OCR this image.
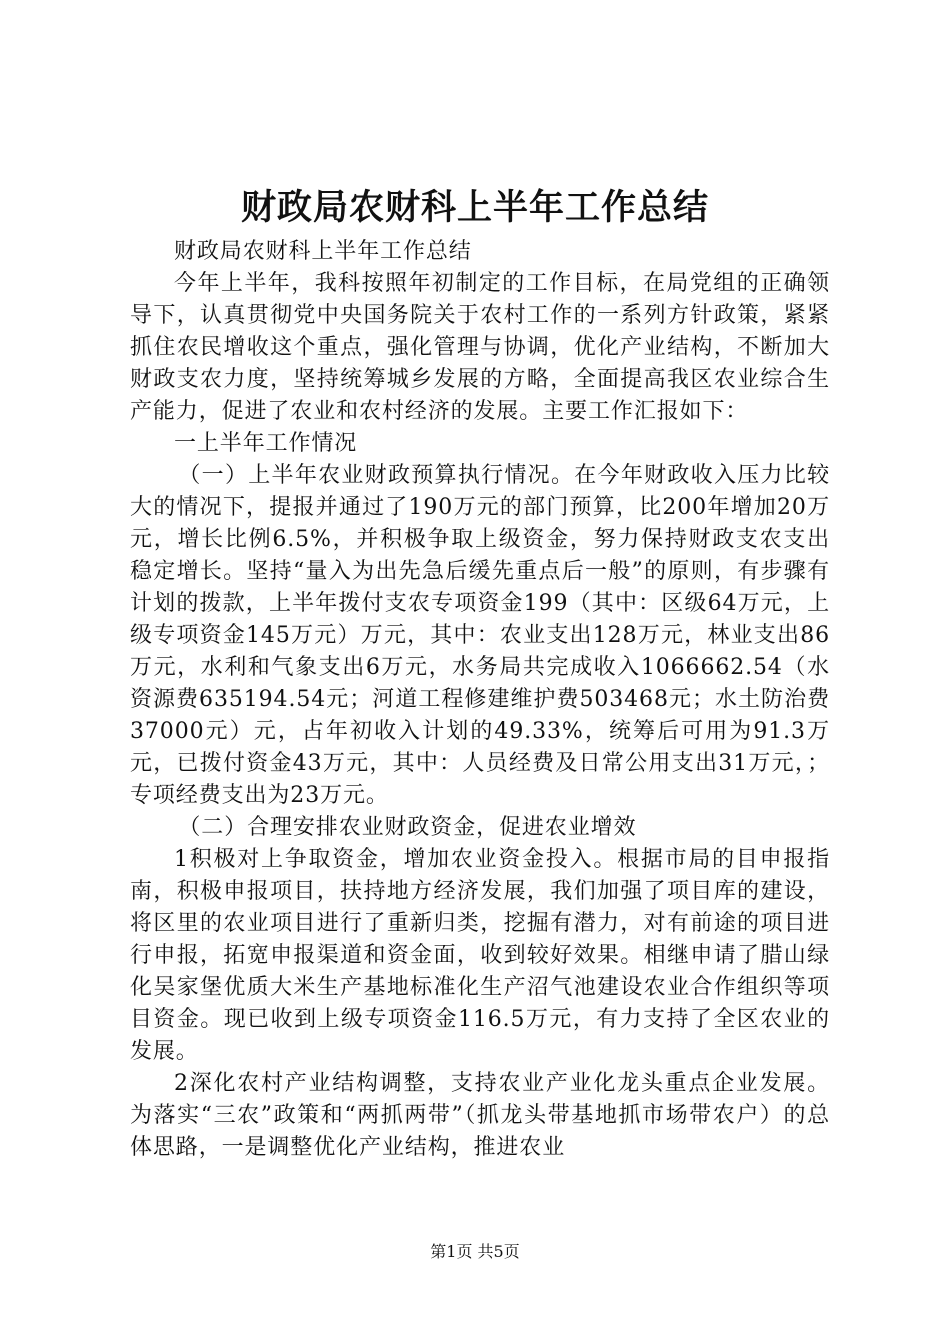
财政局农财科上半年工作总结

财政局农财科上半年工作总结

今年上半年，我科按照年初制定的工作目标，在局党组的正确领导下，认真贯彻党中央国务院关于农村工作的一系列方针政策，紧紧抓住农民增收这个重点，强化管理与协调，优化产业结构，不断加大财政支农力度，坚持统筹城乡发展的方略，全面提高我区农业综合生产能力，促进了农业和农村经济的发展。主要工作汇报如下：

一上半年工作情况

（一）上半年农业财政预算执行情况。在今年财政收入压力比较大的情况下，提报并通过了190万元的部门预算，比200年增加20万元，增长比例6.5%，并积极争取上级资金，努力保持财政支农支出稳定增长。坚持“量入为出先急后缓先重点后一般”的原则，有步骤有计划的拨款，上半年拨付支农专项资金199（其中：区级64万元，上级专项资金145万元）万元，其中：农业支出128万元，林业支出86万元，水利和气象支出6万元，水务局共完成收入1066662.54（水资源费635194.54元；河道工程修建维护费503468元；水土防治费37000元）元，占年初收入计划的49.33%，统筹后可用为91.3万元，已拨付资金43万元，其中：人员经费及日常公用支出31万元，；专项经费支出为23万元。

（二）合理安排农业财政资金，促进农业增效

1积极对上争取资金，增加农业资金投入。根据市局的目申报指南，积极申报项目，扶持地方经济发展，我们加强了项目库的建设，将区里的农业项目进行了重新归类，挖掘有潜力，对有前途的项目进行申报，拓宽申报渠道和资金面，收到较好效果。相继申请了腊山绿化吴家堡优质大米生产基地标准化生产沼气池建设农业合作组织等项目资金。现已收到上级专项资金116.5万元，有力支持了全区农业的发展。

2深化农村产业结构调整，支持农业产业化龙头重点企业发展。为落实“三农”政策和“两抓两带”（抓龙头带基地抓市场带农户）的总体思路，一是调整优化产业结构，推进农业

第1页 共5页
